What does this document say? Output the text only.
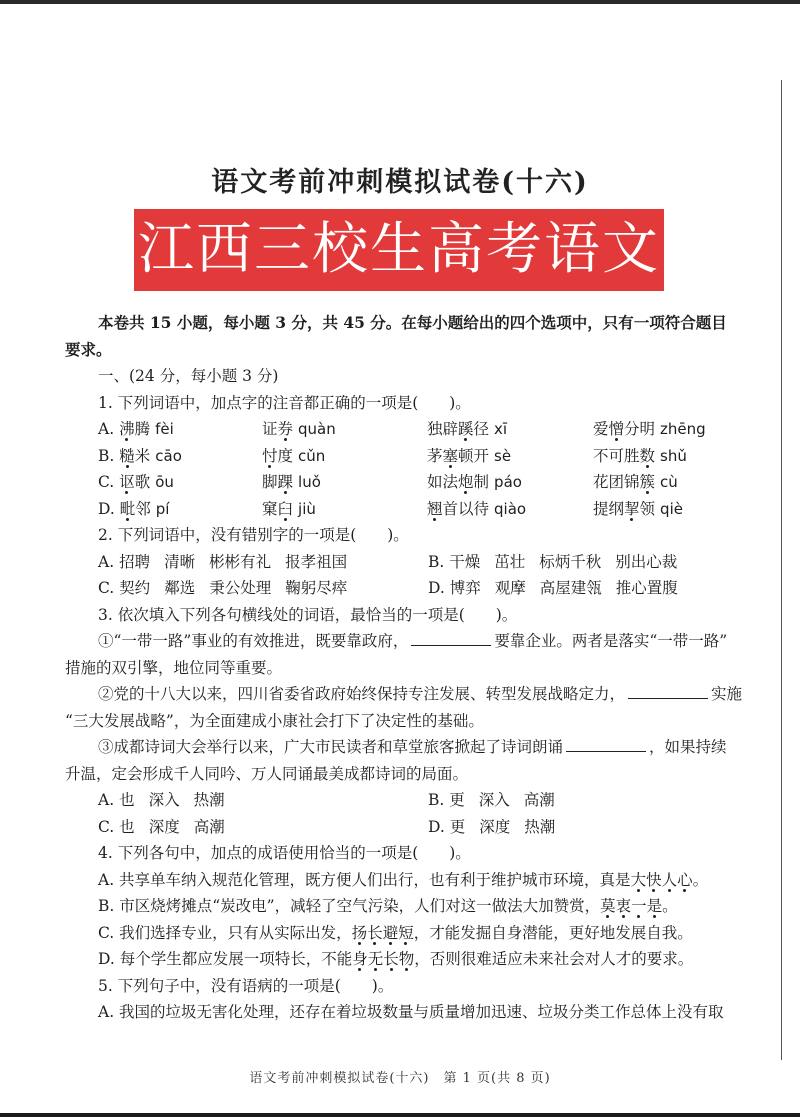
语文考前冲刺模拟试卷(十六)
江西三校生高考语文
本卷共 15 小题，每小题 3 分，共 45 分。在每小题给出的四个选项中，只有一项符合题目
要求。
一、(24 分，每小题 3 分)
1. 下列词语中，加点字的注音都正确的一项是(　　)。
A. 沸腾 fèi	证券 quàn	独辟蹊径 xī	爱憎分明 zhēng
B. 糙米 cāo	忖度 cǔn	茅塞顿开 sè	不可胜数 shǔ
C. 讴歌 ōu	脚踝 luǒ	如法炮制 páo	花团锦簇 cù
D. 毗邻 pí	窠臼 jiù	翘首以待 qiào	提纲挈领 qiè
2. 下列词语中，没有错别字的一项是(　　)。
A. 招聘 清晰 彬彬有礼 报孝祖国	B. 干燥 茁壮 标炳千秋 别出心裁
C. 契约 鄰选 秉公处理 鞠躬尽瘁	D. 博弈 观摩 高屋建瓴 推心置腹
3. 依次填入下列各句横线处的词语，最恰当的一项是(　　)。
①“一带一路”事业的有效推进，既要靠政府，	要靠企业。两者是落实“一带一路”
措施的双引擎，地位同等重要。
②党的十八大以来，四川省委省政府始终保持专注发展、转型发展战略定力，	实施
“三大发展战略”，为全面建成小康社会打下了决定性的基础。
③成都诗词大会举行以来，广大市民读者和草堂旅客掀起了诗词朗诵	，如果持续
升温，定会形成千人同吟、万人同诵最美成都诗词的局面。
A. 也 深入 热潮	B. 更 深入 高潮
C. 也 深度 高潮	D. 更 深度 热潮
4. 下列各句中，加点的成语使用恰当的一项是(　　)。
A. 共享单车纳入规范化管理，既方便人们出行，也有利于维护城市环境，真是大快人心。
B. 市区烧烤摊点“炭改电”，减轻了空气污染，人们对这一做法大加赞赏，莫衷一是。
C. 我们选择专业，只有从实际出发，扬长避短，才能发掘自身潜能，更好地发展自我。
D. 每个学生都应发展一项特长，不能身无长物，否则很难适应未来社会对人才的要求。
5. 下列句子中，没有语病的一项是(　　)。
A. 我国的垃圾无害化处理，还存在着垃圾数量与质量增加迅速、垃圾分类工作总体上没有取
语文考前冲刺模拟试卷(十六)　第 1 页(共 8 页)
